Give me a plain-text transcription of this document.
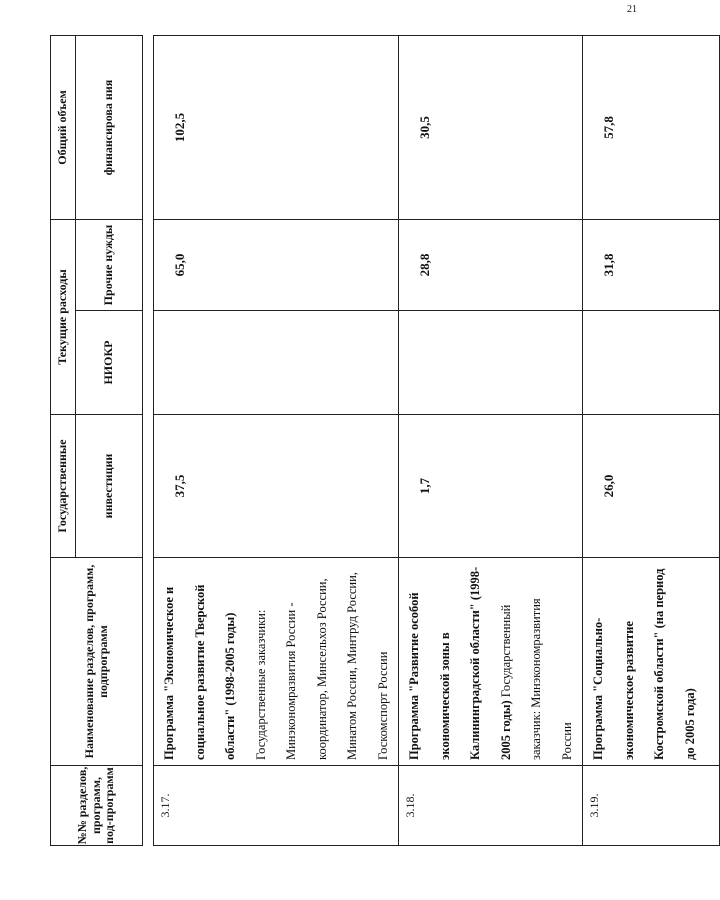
21
№№ разделов, программ, под-программ	Наименование разделов, программ, подпрограмм	Государственные	Текущие расходы		Общий объем
		инвестиции	НИОКР	Прочие нужды	финансирова ния

3.17.	Программа "Экономическое и социальное развитие Тверской области" (1998-2005 годы) Государственные заказчики: Минэкономразвития России - координатор, Минсельхоз России, Минатом России, Минтруд России, Госкомспорт России	37,5		65,0	102,5
3.18.	Программа "Развитие особой экономической зоны в Калининградской области" (1998-2005 годы) Государственный заказчик: Минэкономразвития России	1,7		28,8	30,5
3.19.	Программа "Социально-экономическое развитие Костромской области" (на период до 2005 года)	26,0		31,8	57,8
